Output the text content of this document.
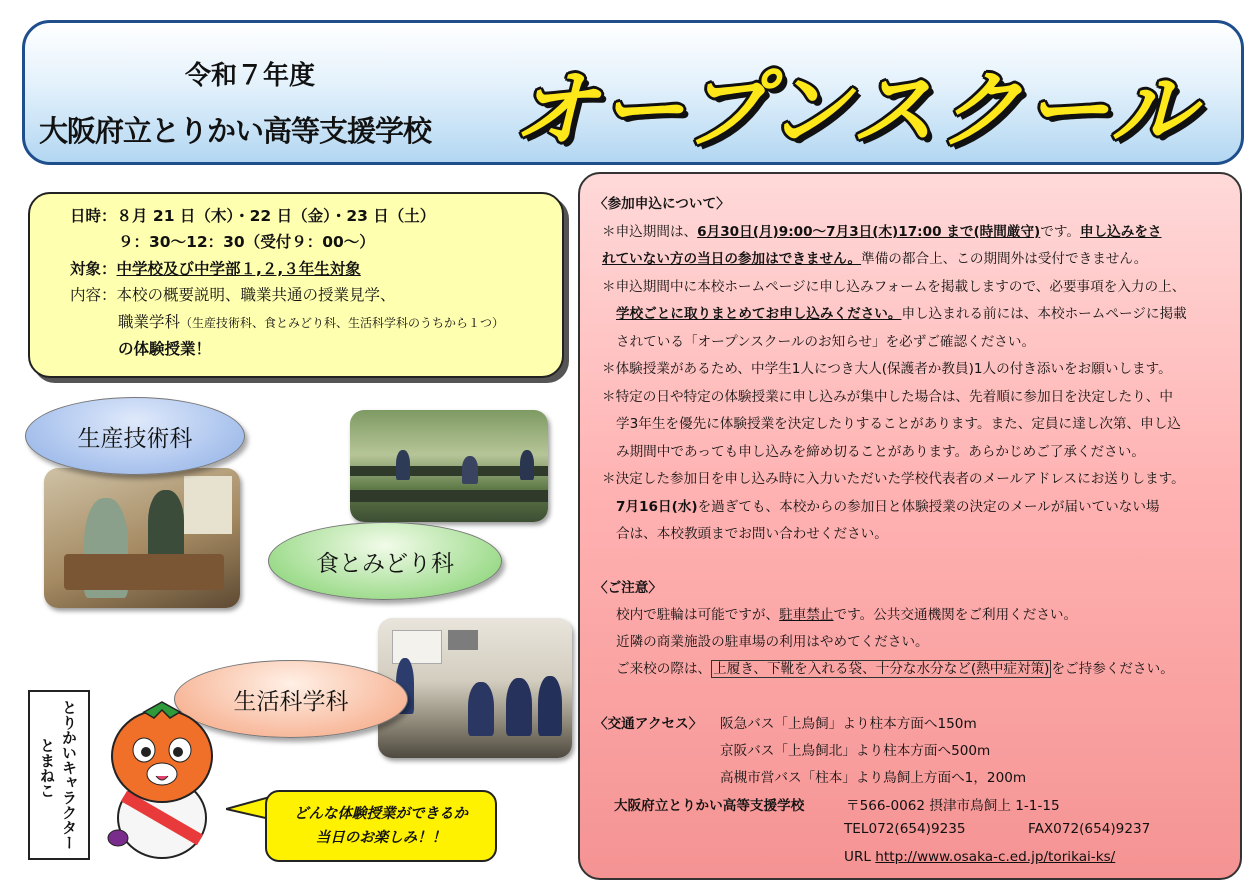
令和７年度
大阪府立とりかい高等支援学校 オープンスクール
日時：８月 21 日（木）・22 日（金）・23 日（土）
９：30～12：30（受付９：00～）
対象：中学校及び中学部１,２,３年生対象
内容：本校の概要説明、職業共通の授業見学、
職業学科（生産技術科、食とみどり科、生活科学科のうちから１つ）
の体験授業！
生産技術科
食とみどり科
生活科学科
とりかいキャラクター
とまねこ
どんな体験授業ができるか
当日のお楽しみ！！
〈参加申込について〉
＊申込期間は、6月30日(月)9:00～7月3日(木)17:00 まで(時間厳守)です。申し込みをさ
れていない方の当日の参加はできません。準備の都合上、この期間外は受付できません。
＊申込期間中に本校ホームページに申し込みフォームを掲載しますので、必要事項を入力の上、
学校ごとに取りまとめてお申し込みください。申し込まれる前には、本校ホームページに掲載
されている「オープンスクールのお知らせ」を必ずご確認ください。
＊体験授業があるため、中学生1人につき大人(保護者か教員)1人の付き添いをお願いします。
＊特定の日や特定の体験授業に申し込みが集中した場合は、先着順に参加日を決定したり、中
学3年生を優先に体験授業を決定したりすることがあります。また、定員に達し次第、申し込
み期間中であっても申し込みを締め切ることがあります。あらかじめご了承ください。
＊決定した参加日を申し込み時に入力いただいた学校代表者のメールアドレスにお送りします。
7月16日(水)を過ぎても、本校からの参加日と体験授業の決定のメールが届いていない場
合は、本校教頭までお問い合わせください。
〈ご注意〉
校内で駐輪は可能ですが、駐車禁止です。公共交通機関をご利用ください。
近隣の商業施設の駐車場の利用はやめてください。
ご来校の際は、 上履き、下靴を入れる袋、十分な水分など(熱中症対策) をご持参ください。
〈交通アクセス〉 阪急バス「上鳥飼」より柱本方面へ150m
京阪バス「上鳥飼北」より柱本方面へ500m
高槻市営バス「柱本」より鳥飼上方面へ1，200m
大阪府立とりかい高等支援学校	〒566-0062 摂津市鳥飼上 1-1-15
TEL072(654)9235	FAX072(654)9237
URL http://www.osaka-c.ed.jp/torikai-ks/
